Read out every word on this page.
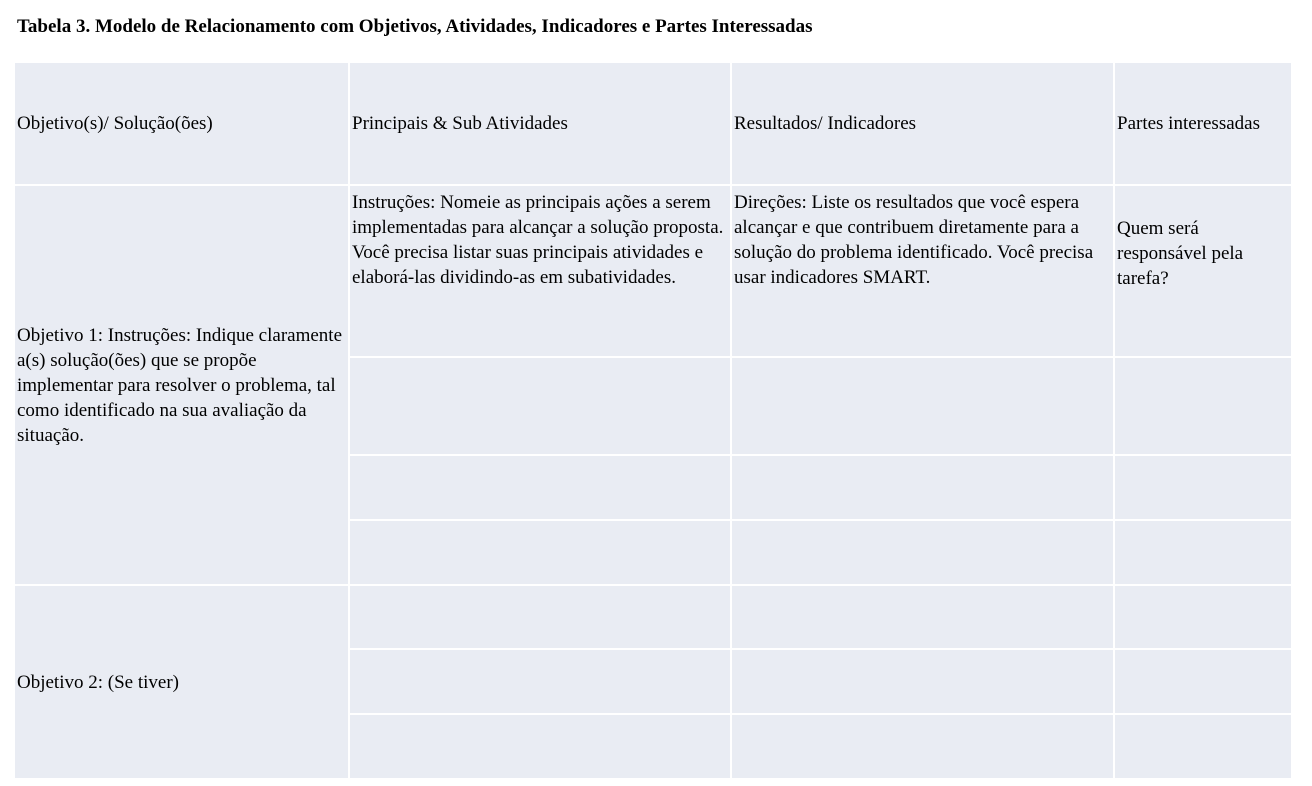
Tabela 3. Modelo de Relacionamento com Objetivos, Atividades, Indicadores e Partes Interessadas
Objetivo(s)/ Solução(ões)	Principais & Sub Atividades	Resultados/ Indicadores	Partes interessadas
Objetivo 1: Instruções: Indique claramente a(s) solução(ões) que se propõe implementar para resolver o problema, tal como identificado na sua avaliação da situação.	Instruções: Nomeie as principais ações a serem implementadas para alcançar a solução proposta. Você precisa listar suas principais atividades e elaborá-las dividindo-as em subatividades.	Direções: Liste os resultados que você espera alcançar e que contribuem diretamente para a solução do problema identificado. Você precisa usar indicadores SMART.	Quem será responsável pela tarefa?

Objetivo 2: (Se tiver)			
